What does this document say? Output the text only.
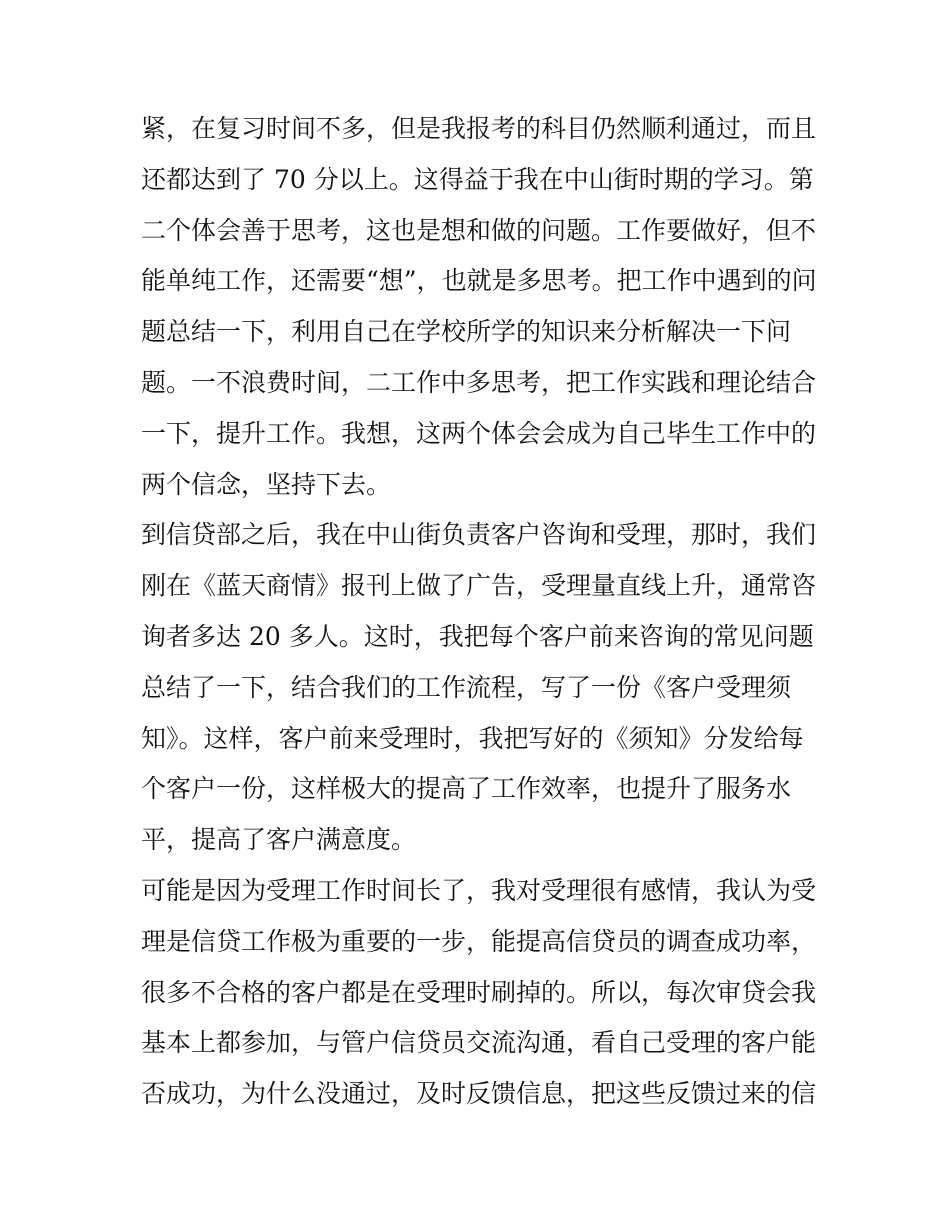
紧，在复习时间不多，但是我报考的科目仍然顺利通过，而且
还都达到了 70 分以上。这得益于我在中山街时期的学习。第
二个体会善于思考，这也是想和做的问题。工作要做好，但不
能单纯工作，还需要“想”，也就是多思考。把工作中遇到的问
题总结一下，利用自己在学校所学的知识来分析解决一下问
题。一不浪费时间，二工作中多思考，把工作实践和理论结合
一下，提升工作。我想，这两个体会会成为自己毕生工作中的
两个信念，坚持下去。
到信贷部之后，我在中山街负责客户咨询和受理，那时，我们
刚在《蓝天商情》报刊上做了广告，受理量直线上升，通常咨
询者多达 20 多人。这时，我把每个客户前来咨询的常见问题
总结了一下，结合我们的工作流程，写了一份《客户受理须
知》。这样，客户前来受理时，我把写好的《须知》分发给每
个客户一份，这样极大的提高了工作效率，也提升了服务水
平，提高了客户满意度。
可能是因为受理工作时间长了，我对受理很有感情，我认为受
理是信贷工作极为重要的一步，能提高信贷员的调查成功率，
很多不合格的客户都是在受理时刷掉的。所以，每次审贷会我
基本上都参加，与管户信贷员交流沟通，看自己受理的客户能
否成功，为什么没通过，及时反馈信息，把这些反馈过来的信
